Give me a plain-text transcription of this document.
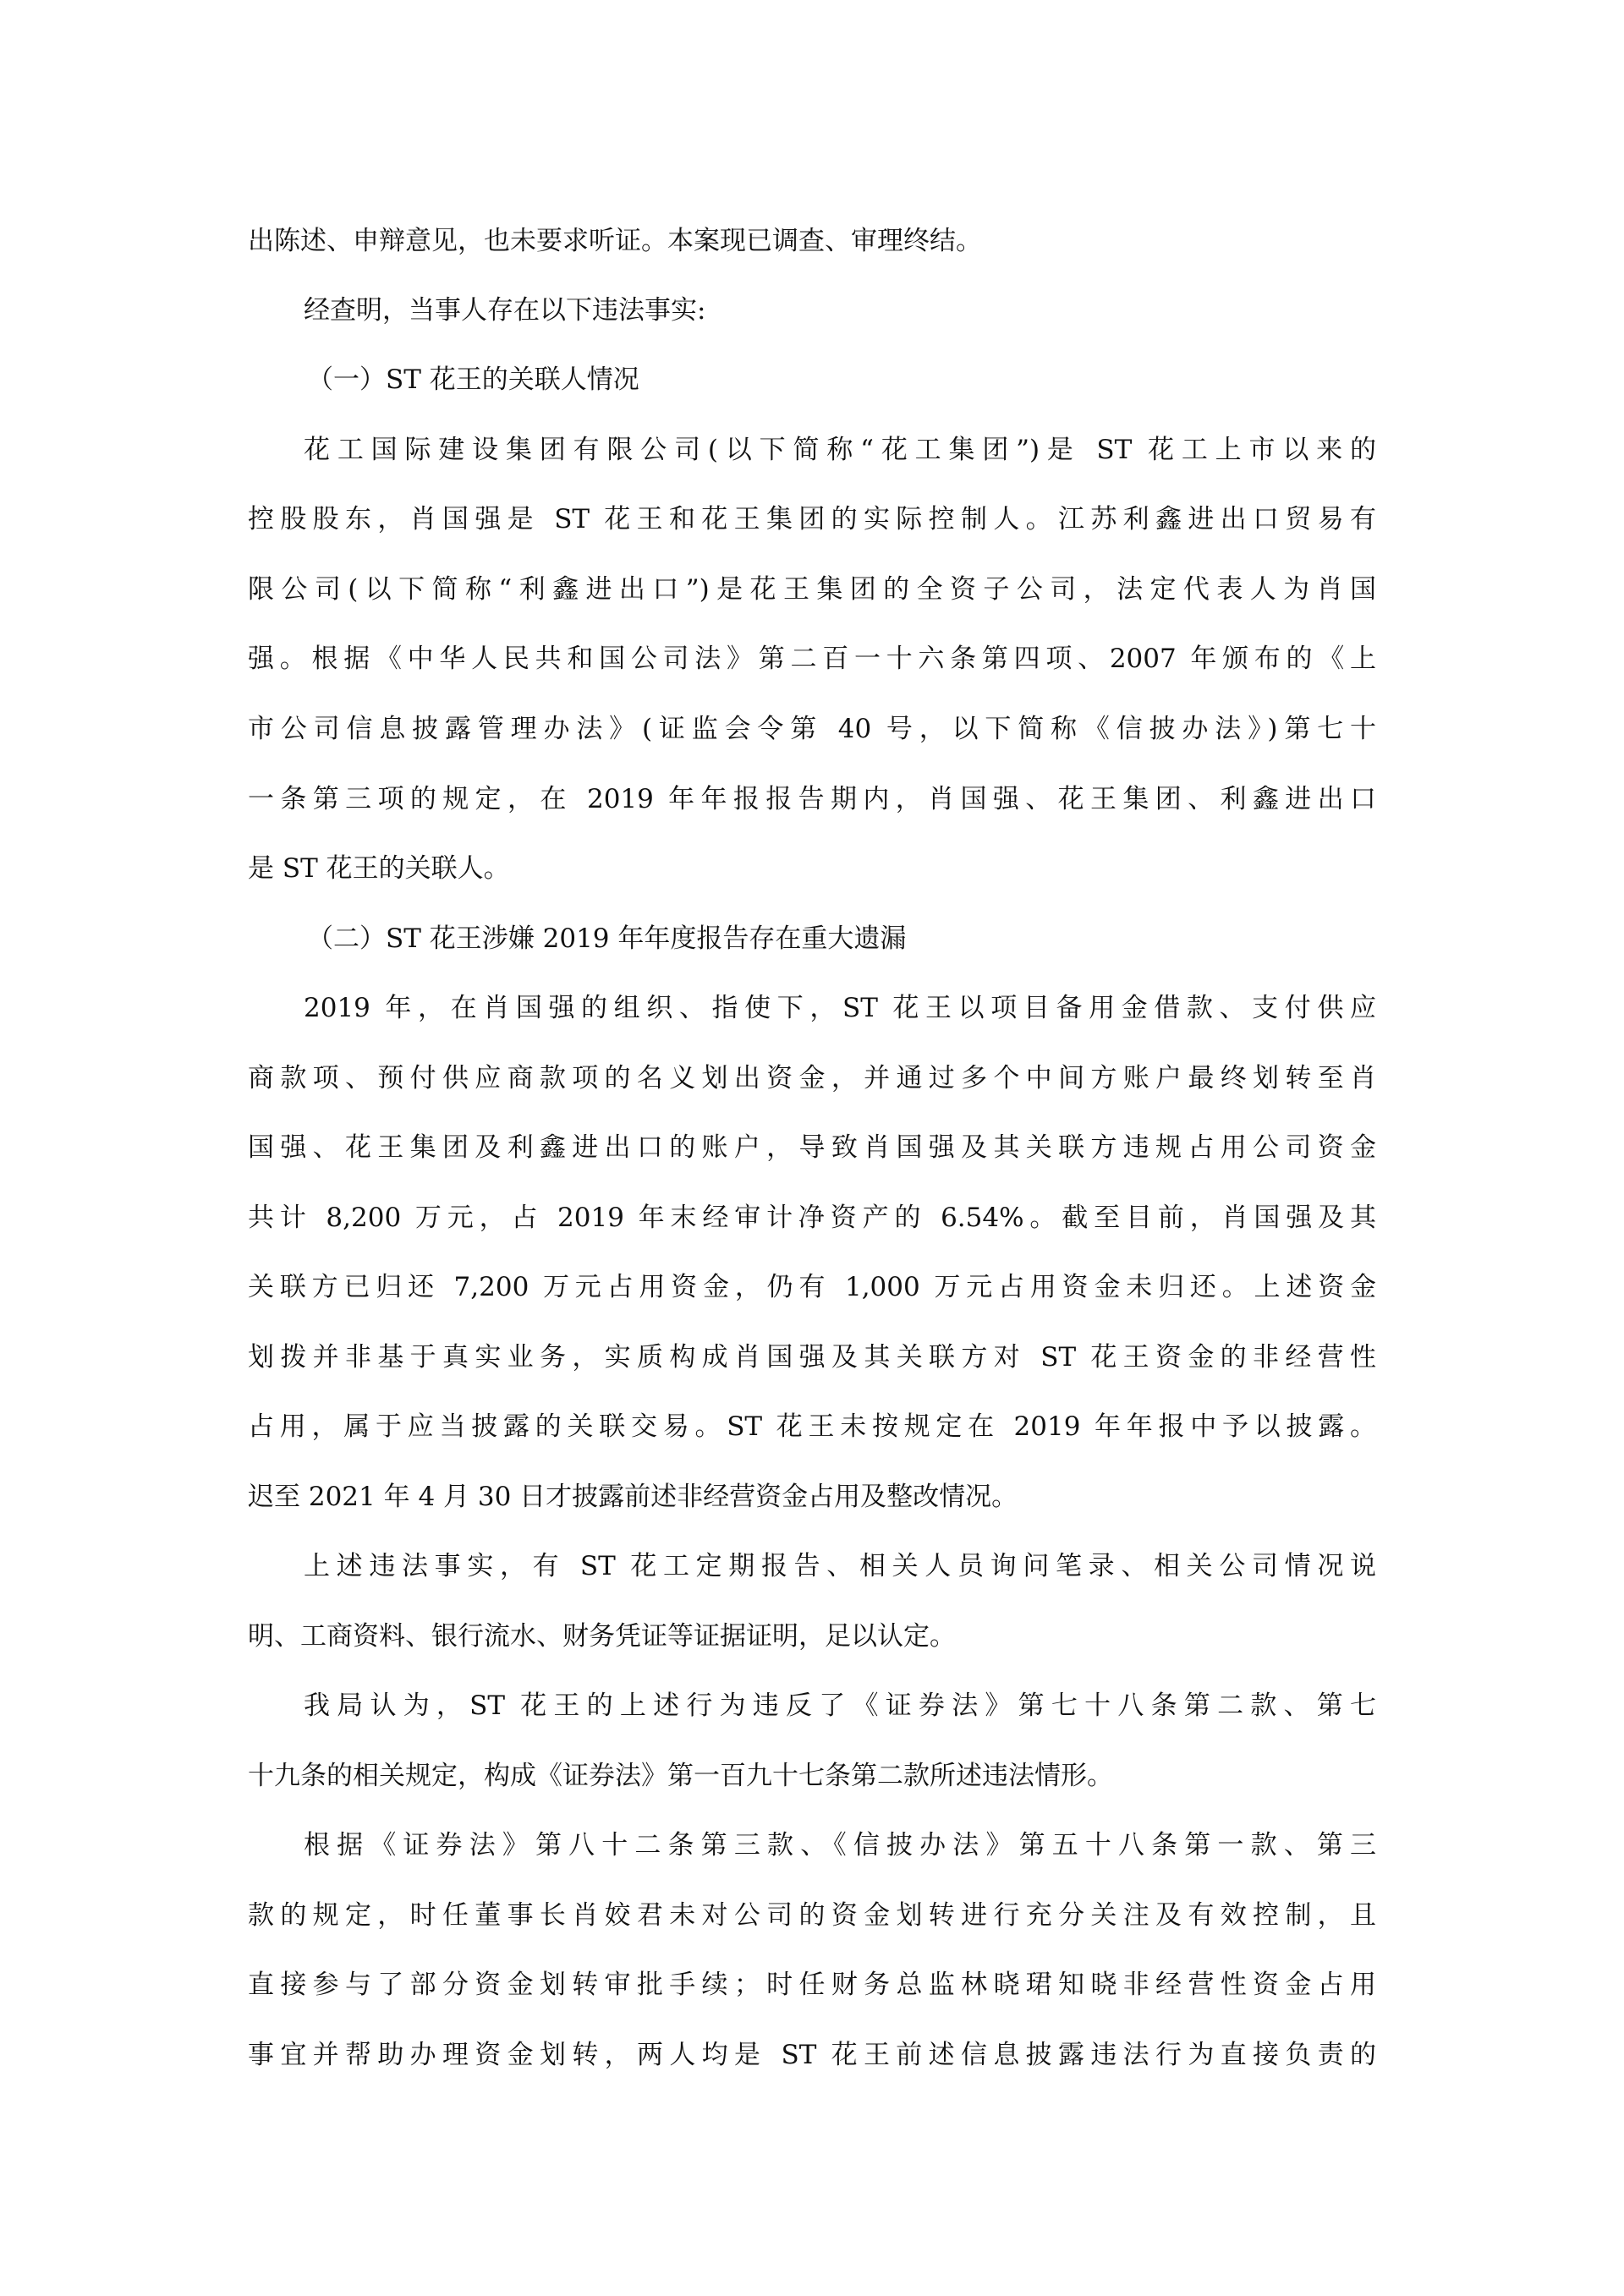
出陈述、申辩意见，也未要求听证。本案现已调查、审理终结。
经查明，当事人存在以下违法事实:
（一）ST 花王的关联人情况
花工国际建设集团有限公司(以下简称“花工集团”)是 ST 花工上市以来的
控股股东，肖国强是 ST 花王和花王集团的实际控制人。江苏利鑫进出口贸易有
限公司(以下简称“利鑫进出口”)是花王集团的全资子公司，法定代表人为肖国
强。根据《中华人民共和国公司法》第二百一十六条第四项、2007 年颁布的《上
市公司信息披露管理办法》(证监会令第 40 号，以下简称《信披办法》)第七十
一条第三项的规定，在 2019 年年报报告期内，肖国强、花王集团、利鑫进出口
是 ST 花王的关联人。
（二）ST 花王涉嫌 2019 年年度报告存在重大遗漏
2019 年，在肖国强的组织、指使下，ST 花王以项目备用金借款、支付供应
商款项、预付供应商款项的名义划出资金，并通过多个中间方账户最终划转至肖
国强、花王集团及利鑫进出口的账户，导致肖国强及其关联方违规占用公司资金
共计 8,200 万元，占 2019 年末经审计净资产的 6.54%。截至目前，肖国强及其
关联方已归还 7,200 万元占用资金，仍有 1,000 万元占用资金未归还。上述资金
划拨并非基于真实业务，实质构成肖国强及其关联方对 ST 花王资金的非经营性
占用，属于应当披露的关联交易。ST 花王未按规定在 2019 年年报中予以披露。
迟至 2021 年 4 月 30 日才披露前述非经营资金占用及整改情况。
上述违法事实，有 ST 花工定期报告、相关人员询问笔录、相关公司情况说
明、工商资料、银行流水、财务凭证等证据证明，足以认定。
我局认为，ST 花王的上述行为违反了《证券法》第七十八条第二款、第七
十九条的相关规定，构成《证券法》第一百九十七条第二款所述违法情形。
根据《证券法》第八十二条第三款、《信披办法》第五十八条第一款、第三
款的规定，时任董事长肖姣君未对公司的资金划转进行充分关注及有效控制，且
直接参与了部分资金划转审批手续；时任财务总监林晓珺知晓非经营性资金占用
事宜并帮助办理资金划转，两人均是 ST 花王前述信息披露违法行为直接负责的
